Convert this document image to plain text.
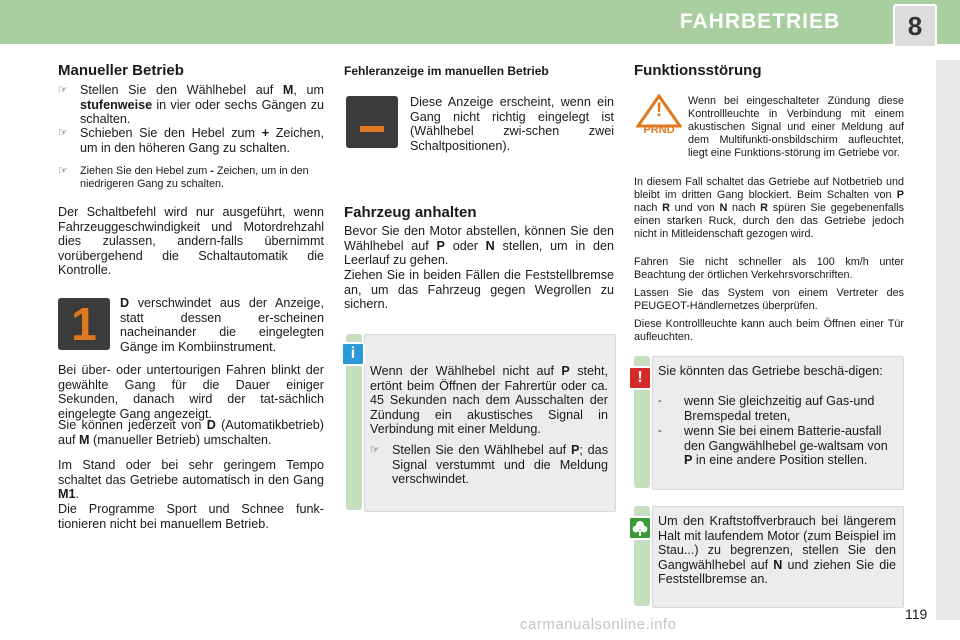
FAHRBETRIEB	8
Manueller Betrieb
☞ Stellen Sie den Wählhebel auf M, um stufenweise in vier oder sechs Gängen zu schalten.
☞ Schieben Sie den Hebel zum + Zeichen, um in den höheren Gang zu schalten.
☞ Ziehen Sie den Hebel zum - Zeichen, um in den niedrigeren Gang zu schalten.

Der Schaltbefehl wird nur ausgeführt, wenn Fahrzeuggeschwindigkeit und Motordrehzahl dies zulassen, andern-falls übernimmt vorübergehend die Schaltautomatik die Kontrolle.

1	D verschwindet aus der Anzeige, statt dessen er-scheinen nacheinander die eingelegten Gänge im Kombiinstrument.

Bei über- oder untertourigen Fahren blinkt der gewählte Gang für die Dauer einiger Sekunden, danach wird der tat-sächlich eingelegte Gang angezeigt.

Sie können jederzeit von D (Automatikbetrieb) auf M (manueller Betrieb) umschalten.

Im Stand oder bei sehr geringem Tempo schaltet das Getriebe automatisch in den Gang M1.

Die Programme Sport und Schnee funk-tionieren nicht bei manuellem Betrieb.

Fehleranzeige im manuellen Betrieb

Diese Anzeige erscheint, wenn ein Gang nicht richtig eingelegt ist (Wählhebel zwi-schen zwei Schaltpositionen).

Fahrzeug anhalten

Bevor Sie den Motor abstellen, können Sie den Wählhebel auf P oder N stellen, um in den Leerlauf zu gehen.

Ziehen Sie in beiden Fällen die Feststellbremse an, um das Fahrzeug gegen Wegrollen zu sichern.

i

Wenn der Wählhebel nicht auf P steht, ertönt beim Öffnen der Fahrertür oder ca. 45 Sekunden nach dem Ausschalten der Zündung ein akustisches Signal in Verbindung mit einer Meldung.

☞ Stellen Sie den Wählhebel auf P; das Signal verstummt und die Meldung verschwindet.
Funktionsstörung
!
PRND

Wenn bei eingeschalteter Zündung diese Kontrollleuchte in Verbindung mit einem akustischen Signal und einer Meldung auf dem Multifunkti-onsbildschirm aufleuchtet, liegt eine Funktions-störung im Getriebe vor.

In diesem Fall schaltet das Getriebe auf Notbetrieb und bleibt im dritten Gang blockiert. Beim Schalten von P nach R und von N nach R spüren Sie gegebenenfalls einen starken Ruck, durch den das Getriebe jedoch nicht in Mitleidenschaft gezogen wird.

Fahren Sie nicht schneller als 100 km/h unter Beachtung der örtlichen Verkehrsvorschriften.

Lassen Sie das System von einem Vertreter des PEUGEOT-Händlernetzes überprüfen.

Diese Kontrollleuchte kann auch beim Öffnen einer Tür aufleuchten.

!	Sie könnten das Getriebe beschä-digen:

- wenn Sie gleichzeitig auf Gas-und Bremspedal treten,
- wenn Sie bei einem Batterie-ausfall den Gangwählhebel ge-waltsam von P in eine andere Position stellen.

Um den Kraftstoffverbrauch bei längerem Halt mit laufendem Motor (zum Beispiel im Stau...) zu begrenzen, stellen Sie den Gangwählhebel auf N und ziehen Sie die Feststellbremse an.

119
carmanualsonline.info
